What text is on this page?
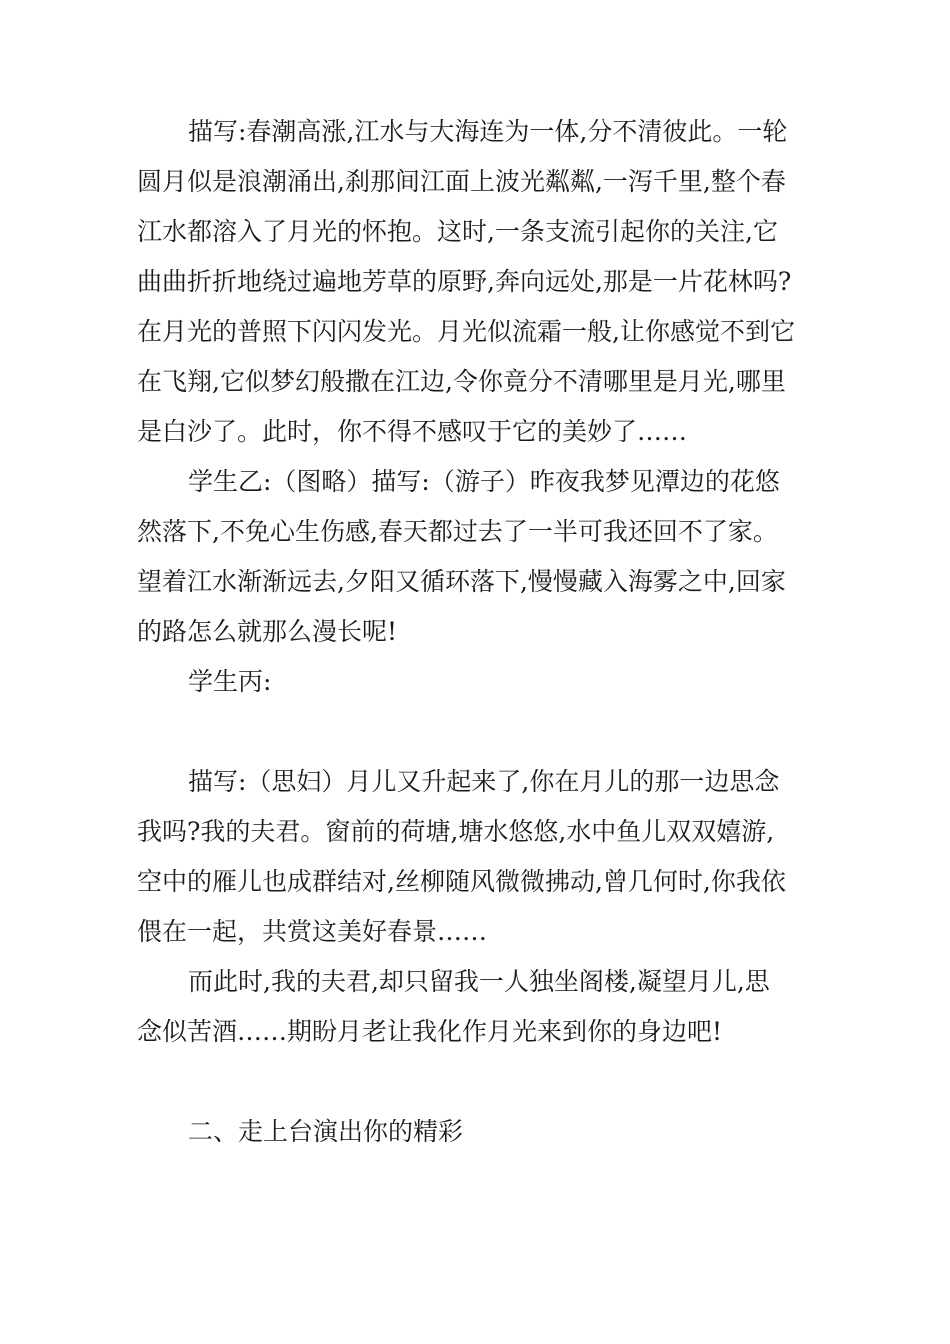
描写:春潮高涨,江水与大海连为一体,分不清彼此。一轮

圆月似是浪潮涌出,刹那间江面上波光粼粼,一泻千里,整个春

江水都溶入了月光的怀抱。这时,一条支流引起你的关注,它

曲曲折折地绕过遍地芳草的原野,奔向远处,那是一片花林吗?

在月光的普照下闪闪发光。月光似流霜一般,让你感觉不到它

在飞翔,它似梦幻般撒在江边,令你竟分不清哪里是月光,哪里

是白沙了。此时，你不得不感叹于它的美妙了……

学生乙:（图略）描写:（游子）昨夜我梦见潭边的花悠

然落下,不免心生伤感,春天都过去了一半可我还回不了家。

望着江水渐渐远去,夕阳又循环落下,慢慢藏入海雾之中,回家

的路怎么就那么漫长呢!

学生丙:

描写:（思妇）月儿又升起来了,你在月儿的那一边思念

我吗?我的夫君。窗前的荷塘,塘水悠悠,水中鱼儿双双嬉游,

空中的雁儿也成群结对,丝柳随风微微拂动,曾几何时,你我依

偎在一起，共赏这美好春景……

而此时,我的夫君,却只留我一人独坐阁楼,凝望月儿,思

念似苦酒……期盼月老让我化作月光来到你的身边吧!

二、走上台演出你的精彩
